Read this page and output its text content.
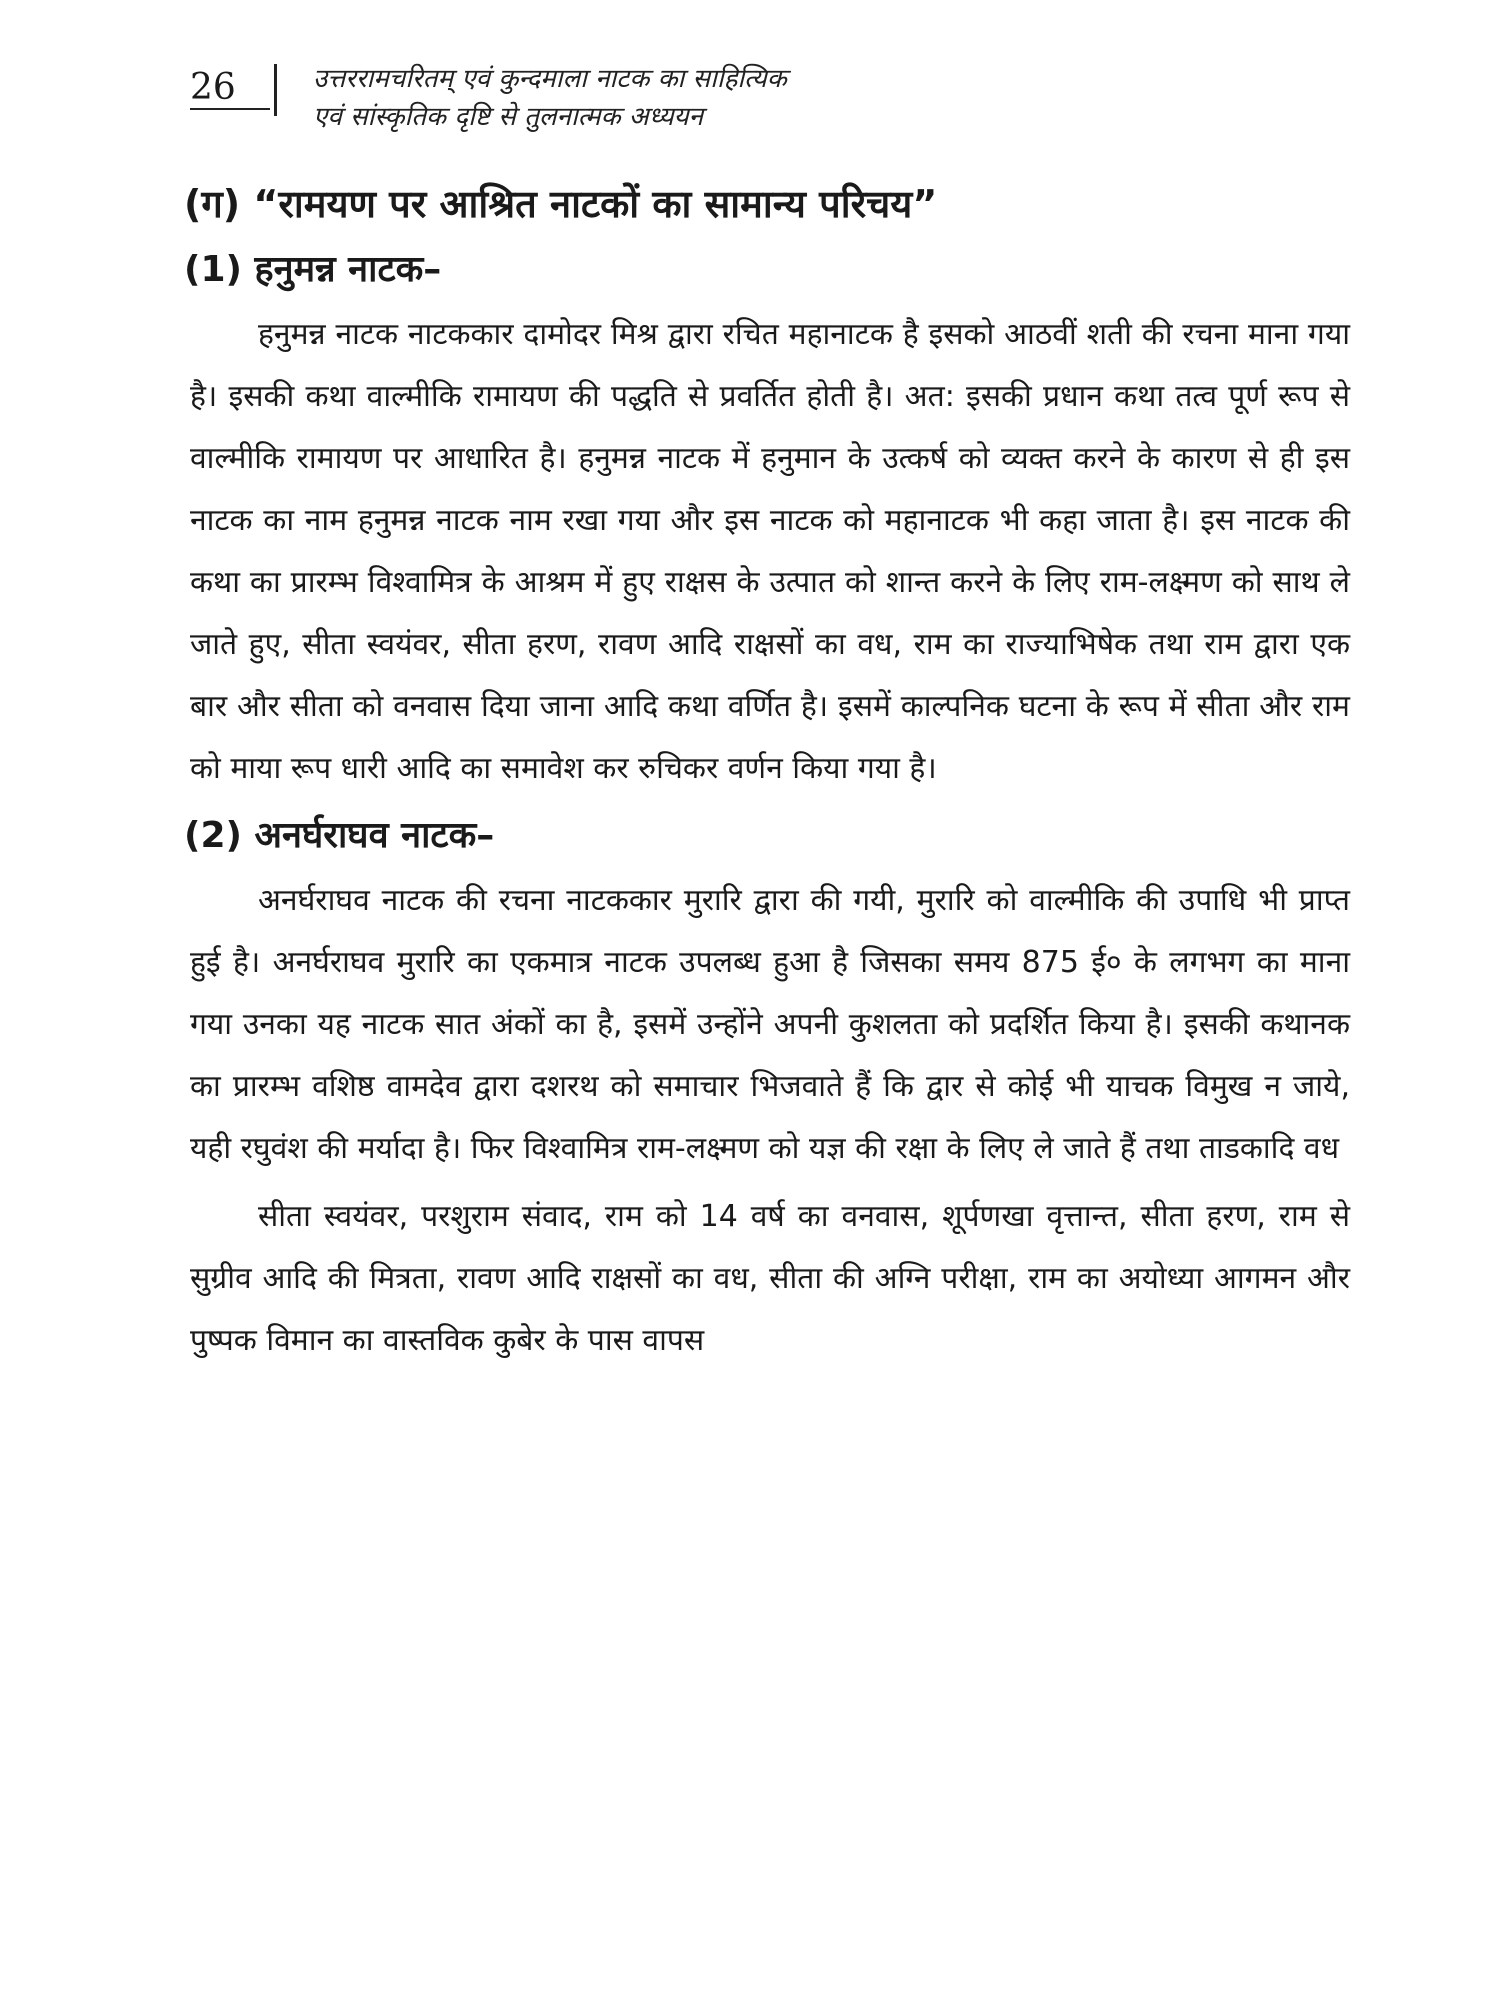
26	उत्तररामचरितम् एवं कुन्दमाला नाटक का साहित्यिक
एवं सांस्कृतिक दृष्टि से तुलनात्मक अध्ययन
(ग) “रामयण पर आश्रित नाटकों का सामान्य परिचय”
(1) हनुमन्न नाटक–

हनुमन्न नाटक नाटककार दामोदर मिश्र द्वारा रचित महानाटक है इसको आठवीं शती की रचना माना गया है। इसकी कथा वाल्मीकि रामायण की पद्धति से प्रवर्तित होती है। अत: इसकी प्रधान कथा तत्व पूर्ण रूप से वाल्मीकि रामायण पर आधारित है। हनुमन्न नाटक में हनुमान के उत्कर्ष को व्यक्त करने के कारण से ही इस नाटक का नाम हनुमन्न नाटक नाम रखा गया और इस नाटक को महानाटक भी कहा जाता है। इस नाटक की कथा का प्रारम्भ विश्वामित्र के आश्रम में हुए राक्षस के उत्पात को शान्त करने के लिए राम-लक्ष्मण को साथ ले जाते हुए, सीता स्वयंवर, सीता हरण, रावण आदि राक्षसों का वध, राम का राज्याभिषेक तथा राम द्वारा एक बार और सीता को वनवास दिया जाना आदि कथा वर्णित है। इसमें काल्पनिक घटना के रूप में सीता और राम को माया रूप धारी आदि का समावेश कर रुचिकर वर्णन किया गया है।

(2) अनर्घराघव नाटक–

अनर्घराघव नाटक की रचना नाटककार मुरारि द्वारा की गयी, मुरारि को वाल्मीकि की उपाधि भी प्राप्त हुई है। अनर्घराघव मुरारि का एकमात्र नाटक उपलब्ध हुआ है जिसका समय 875 ई० के लगभग का माना गया उनका यह नाटक सात अंकों का है, इसमें उन्होंने अपनी कुशलता को प्रदर्शित किया है। इसकी कथानक का प्रारम्भ वशिष्ठ वामदेव द्वारा दशरथ को समाचार भिजवाते हैं कि द्वार से कोई भी याचक विमुख न जाये, यही रघुवंश की मर्यादा है। फिर विश्वामित्र राम-लक्ष्मण को यज्ञ की रक्षा के लिए ले जाते हैं तथा ताडकादि वध

सीता स्वयंवर, परशुराम संवाद, राम को 14 वर्ष का वनवास, शूर्पणखा वृत्तान्त, सीता हरण, राम से सुग्रीव आदि की मित्रता, रावण आदि राक्षसों का वध, सीता की अग्नि परीक्षा, राम का अयोध्या आगमन और पुष्पक विमान का वास्तविक कुबेर के पास वापस
